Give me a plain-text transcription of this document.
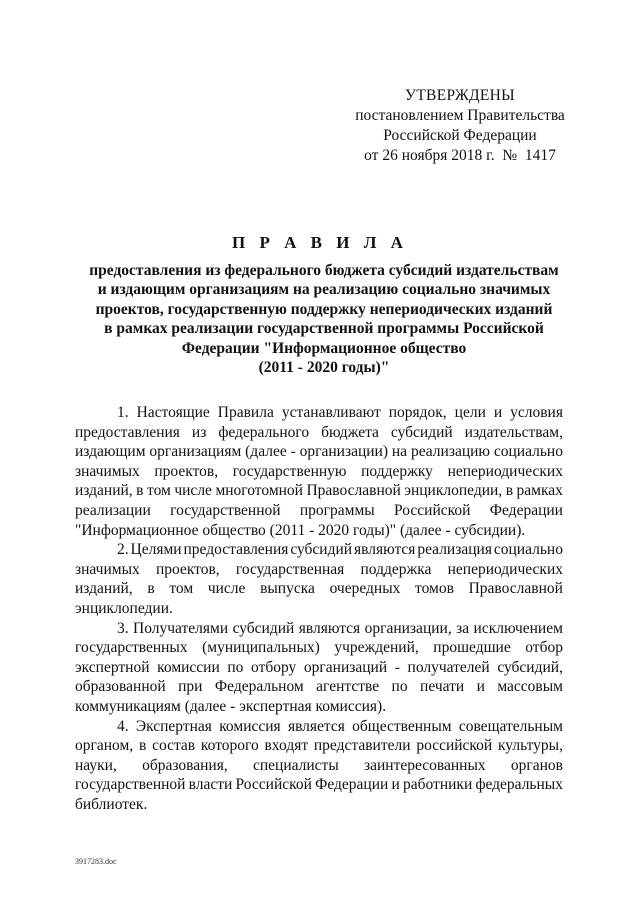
УТВЕРЖДЕНЫ
постановлением Правительства
Российской Федерации
от 26 ноября 2018 г.  №  1417
П Р А В И Л А
предоставления из федерального бюджета субсидий издательствам
и издающим организациям на реализацию социально значимых
проектов, государственную поддержку непериодических изданий
в рамках реализации государственной программы Российской
Федерации "Информационное общество
(2011 - 2020 годы)"

1. Настоящие Правила устанавливают порядок, цели и условия
предоставления из федерального бюджета субсидий издательствам,
издающим организациям (далее - организации) на реализацию социально
значимых проектов, государственную поддержку непериодических
изданий, в том числе многотомной Православной энциклопедии, в рамках
реализации государственной программы Российской Федерации
"Информационное общество (2011 - 2020 годы)" (далее - субсидии).

2. Целями предоставления субсидий являются реализация социально
значимых проектов, государственная поддержка непериодических
изданий, в том числе выпуска очередных томов Православной
энциклопедии.

3. Получателями субсидий являются организации, за исключением
государственных (муниципальных) учреждений, прошедшие отбор
экспертной комиссии по отбору организаций - получателей субсидий,
образованной при Федеральном агентстве по печати и массовым
коммуникациям (далее - экспертная комиссия).

4. Экспертная комиссия является общественным совещательным
органом, в состав которого входят представители российской культуры,
науки, образования, специалисты заинтересованных органов
государственной власти Российской Федерации и работники федеральных
библиотек.

3917283.doc
